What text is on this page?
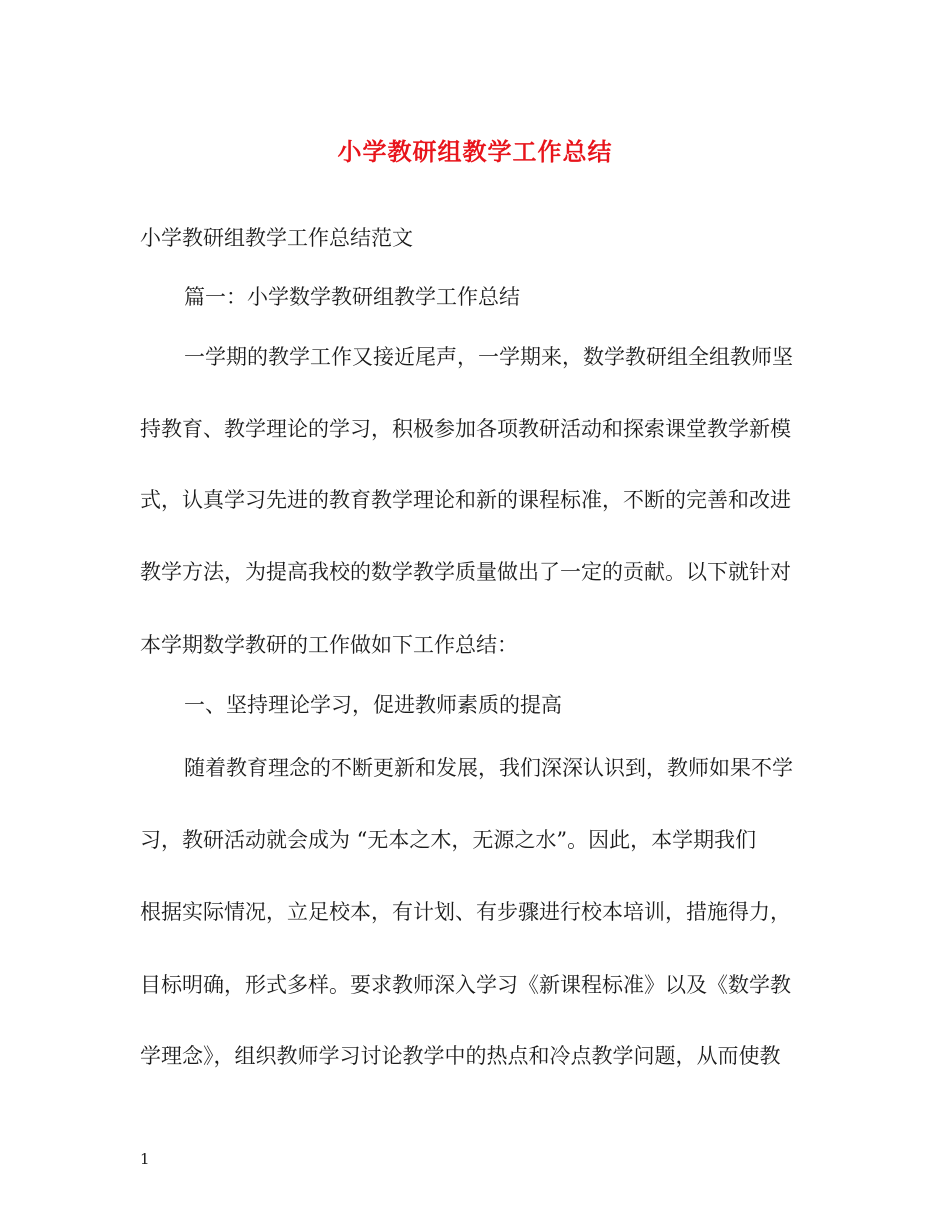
小学教研组教学工作总结
小学教研组教学工作总结范文
篇一：小学数学教研组教学工作总结
一学期的教学工作又接近尾声，一学期来，数学教研组全组教师坚
持教育、教学理论的学习，积极参加各项教研活动和探索课堂教学新模
式，认真学习先进的教育教学理论和新的课程标准，不断的完善和改进
教学方法，为提高我校的数学教学质量做出了一定的贡献。以下就针对
本学期数学教研的工作做如下工作总结：
一、坚持理论学习，促进教师素质的提高
随着教育理念的不断更新和发展，我们深深认识到，教师如果不学
习，教研活动就会成为 “无本之木，无源之水”。因此，本学期我们
根据实际情况，立足校本，有计划、有步骤进行校本培训，措施得力，
目标明确，形式多样。要求教师深入学习《新课程标准》以及《数学教
学理念》，组织教师学习讨论教学中的热点和冷点教学问题，从而使教
1
